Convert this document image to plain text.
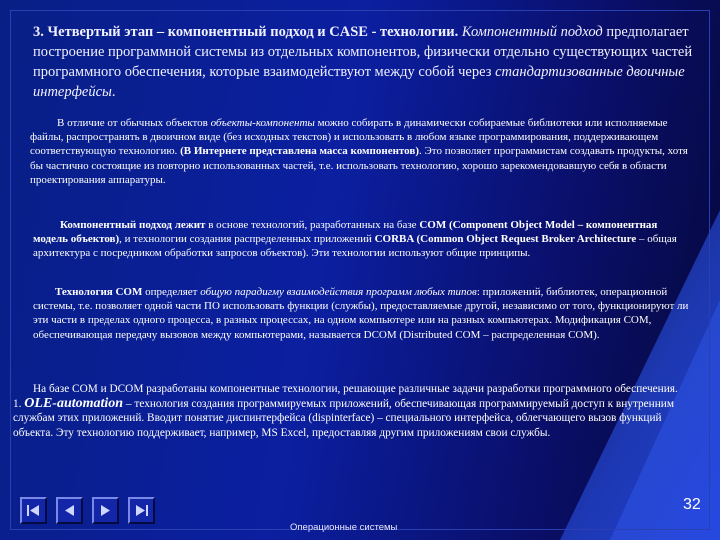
3. Четвертый этап – компонентный подход и CASE - технологии. Компонентный подход предполагает построение программной системы из отдельных компонентов, физически отдельно существующих частей программного обеспечения, которые взаимодействуют между собой через стандартизованные двоичные интерфейсы.
В отличие от обычных объектов объекты-компоненты можно собирать в динамически собираемые библиотеки или исполняемые файлы, распространять в двоичном виде (без исходных текстов) и использовать в любом языке программирования, поддерживающем соответствующую технологию. (В Интернете представлена масса компонентов). Это позволяет программистам создавать продукты, хотя бы частично состоящие из повторно использованных частей, т.е. использовать технологию, хорошо зарекомендовавшую себя в области проектирования аппаратуры.
Компонентный подход лежит в основе технологий, разработанных на базе COM (Component Object Model – компонентная модель объектов), и технологии создания распределенных приложений CORBA (Common Object Request Broker Architecture – общая архитектура с посредником обработки запросов объектов). Эти технологии используют общие принципы.
Технология COM определяет общую парадигму взаимодействия программ любых типов: приложений, библиотек, операционной системы, т.е. позволяет одной части ПО использовать функции (службы), предоставляемые другой, независимо от того, функционируют ли эти части в пределах одного процесса, в разных процессах, на одном компьютере или на разных компьютерах. Модификация COM, обеспечивающая передачу вызовов между компьютерами, называется DCOM (Distributed COM – распределенная COM).
На базе COM и DCOM разработаны компонентные технологии, решающие различные задачи разработки программного обеспечения.
1. OLE-automation – технология создания программируемых приложений, обеспечивающая программируемый доступ к внутренним службам этих приложений. Вводит понятие диспинтерфейса (dispinterface) – специального интерфейса, облегчающего вызов функций объекта. Эту технологию поддерживает, например, MS Excel, предоставляя другим приложениям свои службы.
32
Операционные системы
